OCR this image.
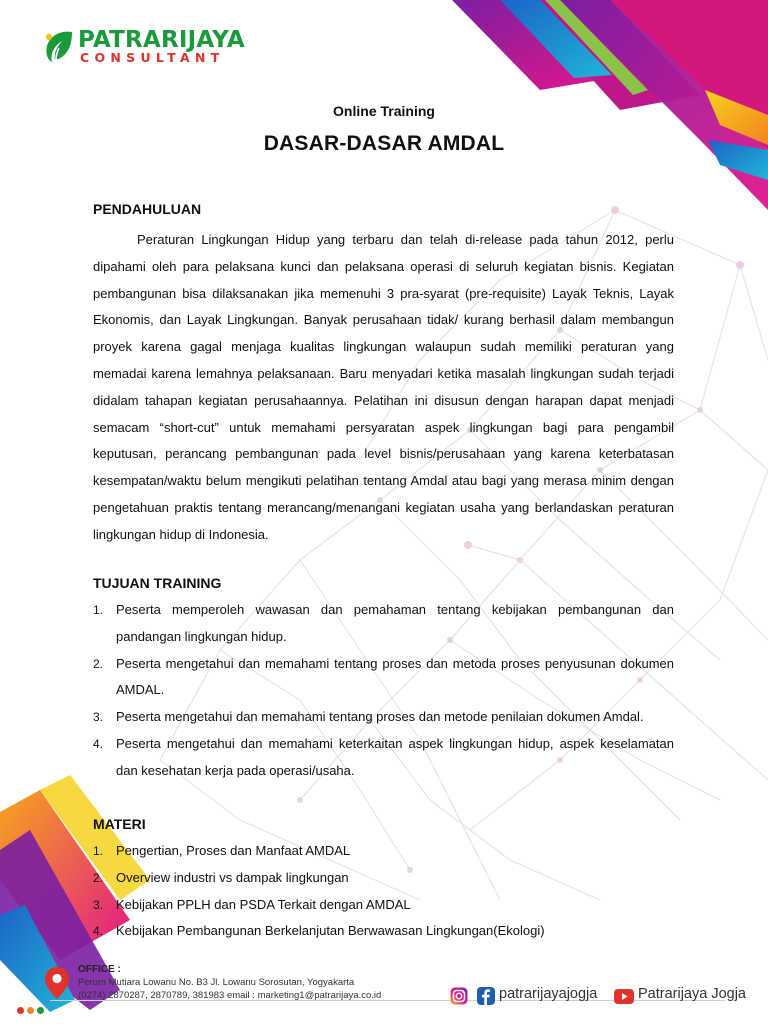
PATRARIJAYA
CONSULTANT
Online Training
DASAR-DASAR AMDAL
PENDAHULUAN
Peraturan Lingkungan Hidup yang terbaru dan telah di-release pada tahun 2012, perlu dipahami oleh para pelaksana kunci dan pelaksana operasi di seluruh kegiatan bisnis. Kegiatan pembangunan bisa dilaksanakan jika memenuhi 3 pra-syarat (pre-requisite) Layak Teknis, Layak Ekonomis, dan Layak Lingkungan. Banyak perusahaan tidak/ kurang berhasil dalam membangun proyek karena gagal menjaga kualitas lingkungan walaupun sudah memiliki peraturan yang memadai karena lemahnya pelaksanaan. Baru menyadari ketika masalah lingkungan sudah terjadi didalam tahapan kegiatan perusahaannya. Pelatihan ini disusun dengan harapan dapat menjadi semacam “short-cut” untuk memahami persyaratan aspek lingkungan bagi para pengambil keputusan, perancang pembangunan pada level bisnis/perusahaan yang karena keterbatasan kesempatan/waktu belum mengikuti pelatihan tentang Amdal atau bagi yang merasa minim dengan pengetahuan praktis tentang merancang/menangani kegiatan usaha yang berlandaskan peraturan lingkungan hidup di Indonesia.
TUJUAN TRAINING
1. Peserta memperoleh wawasan dan pemahaman tentang kebijakan pembangunan dan pandangan lingkungan hidup.
2. Peserta mengetahui dan memahami tentang proses dan metoda proses penyusunan dokumen AMDAL.
3. Peserta mengetahui dan memahami tentang proses dan metode penilaian dokumen Amdal.
4. Peserta mengetahui dan memahami keterkaitan aspek lingkungan hidup, aspek keselamatan dan kesehatan kerja pada operasi/usaha.
MATERI
1. Pengertian, Proses dan Manfaat AMDAL
2. Overview industri vs dampak lingkungan
3. Kebijakan PPLH dan PSDA Terkait dengan AMDAL
4. Kebijakan Pembangunan Berkelanjutan Berwawasan Lingkungan(Ekologi)
OFFICE :
Perum Mutiara Lowanu No. B3 Jl. Lowanu Sorosutan, Yogyakarta
(0274) 2870287, 2870789, 381983 email : marketing1@patrarijaya.co.id	patrarijayajogja	Patrarijaya Jogja
